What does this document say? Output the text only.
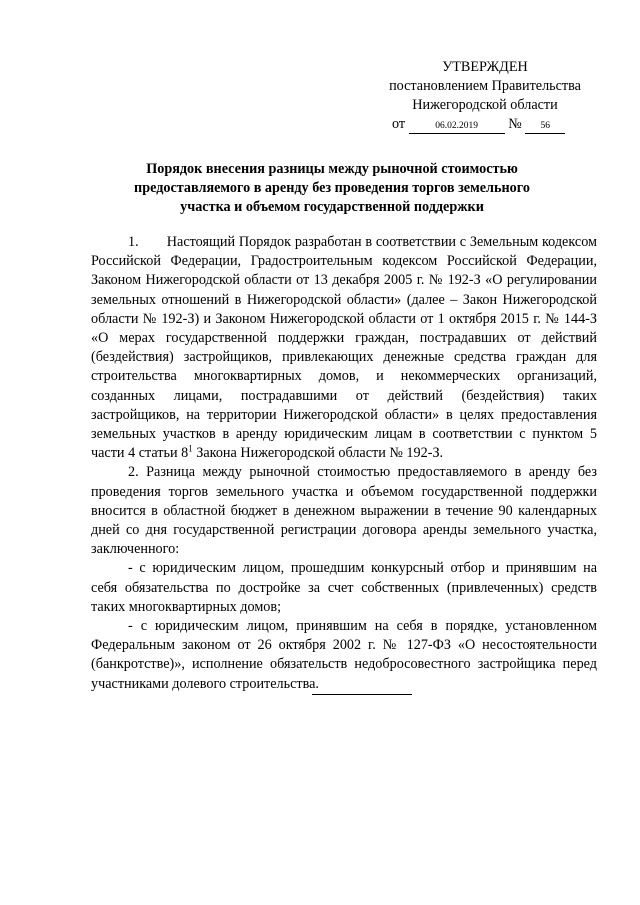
УТВЕРЖДЕН
постановлением Правительства
Нижегородской области
от	06.02.2019 № 56
Порядок внесения разницы между рыночной стоимостью предоставляемого в аренду без проведения торгов земельного участка и объемом государственной поддержки

1. Настоящий Порядок разработан в соответствии с Земельным кодексом Российской Федерации, Градостроительным кодексом Российской Федерации, Законом Нижегородской области от 13 декабря 2005 г. № 192-З «О регулировании земельных отношений в Нижегородской области» (далее – Закон Нижегородской области № 192-З) и Законом Нижегородской области от 1 октября 2015 г. № 144-З «О мерах государственной поддержки граждан, пострадавших от действий (бездействия) застройщиков, привлекающих денежные средства граждан для строительства многоквартирных домов, и некоммерческих организаций, созданных лицами, пострадавшими от действий (бездействия) таких застройщиков, на территории Нижегородской области» в целях предоставления земельных участков в аренду юридическим лицам в соответствии с пунктом 5 части 4 статьи $8^1$ Закона Нижегородской области № 192-З.

2. Разница между рыночной стоимостью предоставляемого в аренду без проведения торгов земельного участка и объемом государственной поддержки вносится в областной бюджет в денежном выражении в течение 90 календарных дней со дня государственной регистрации договора аренды земельного участка, заключенного:

- с юридическим лицом, прошедшим конкурсный отбор и принявшим на себя обязательства по достройке за счет собственных (привлеченных) средств таких многоквартирных домов;

- с юридическим лицом, принявшим на себя в порядке, установленном Федеральным законом от 26 октября 2002 г. № 127-ФЗ «О несостоятельности (банкротстве)», исполнение обязательств недобросовестного застройщика перед участниками долевого строительства.
